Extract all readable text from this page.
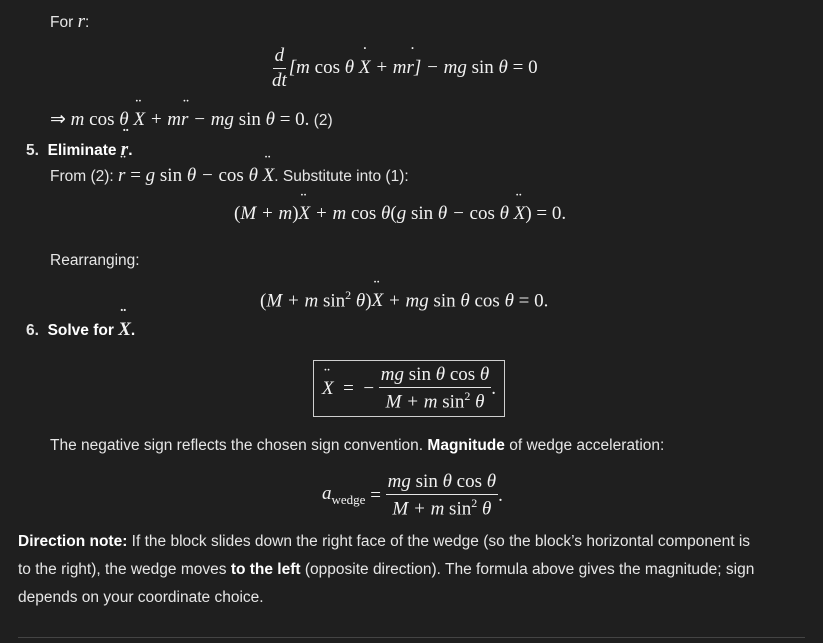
For r:
$\frac{d}{dt} [m$ cos θ ˙ X + m˙ r] − mg sin θ = 0
⇒ m cos θ ¨ X + m¨ r − mg sin θ = 0. (2)
5. Eliminate ¨ r.
From (2): ¨ r = g sin θ − cos θ ¨ X. Substitute into (1):
(M + m)¨ X + m cos θ(g sin θ − cos θ ¨ X) = 0.
Rearranging:
(M + m $\sin^2$ θ)¨ X + mg sin θ cos θ = 0.
6. Solve for ¨ X.
¨ X
=
−
$\frac{\text{mg sin θ cos θ}}{M + m \sin^2 \theta}$ .
The negative sign reflects the chosen sign convention. Magnitude of wedge acceleration:
$a_{wedge}$
=
$\frac{\text{mg sin θ cos θ}}{M + m \sin^2 \theta}$ .
Direction note: If the block slides down the right face of the wedge (so the block’s horizontal component is
to the right), the wedge moves to the left (opposite direction). The formula above gives the magnitude; sign
depends on your coordinate choice.
